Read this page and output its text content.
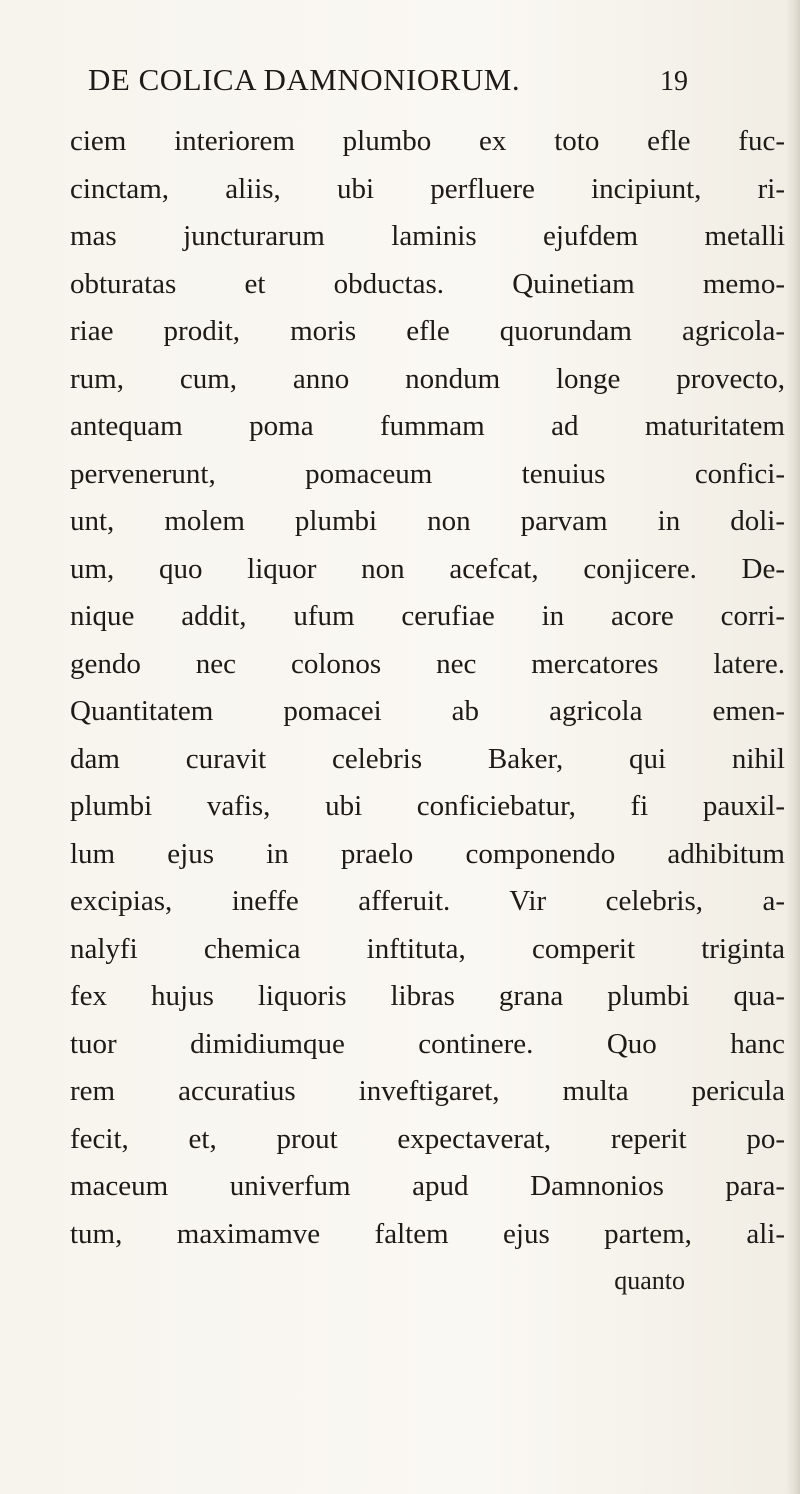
DE COLICA DAMNONIORUM.	19
ciem interiorem plumbo ex toto efle fuc-
cinctam, aliis, ubi perfluere incipiunt, ri-
mas juncturarum laminis ejufdem metalli
obturatas et obductas. Quinetiam memo-
riae prodit, moris efle quorundam agricola-
rum, cum, anno nondum longe provecto,
antequam poma fummam ad maturitatem
pervenerunt, pomaceum tenuius confici-
unt, molem plumbi non parvam in doli-
um, quo liquor non acefcat, conjicere. De-
nique addit, ufum cerufiae in acore corri-
gendo nec colonos nec mercatores latere.
Quantitatem pomacei ab agricola emen-
dam curavit celebris Baker, qui nihil
plumbi vafis, ubi conficiebatur, fi pauxil-
lum ejus in praelo componendo adhibitum
excipias, ineffe afferuit. Vir celebris, a-
nalyfi chemica inftituta, comperit triginta
fex hujus liquoris libras grana plumbi qua-
tuor dimidiumque continere. Quo hanc
rem accuratius inveftigaret, multa pericula
fecit, et, prout expectaverat, reperit po-
maceum univerfum apud Damnonios para-
tum, maximamve faltem ejus partem, ali-
quanto
